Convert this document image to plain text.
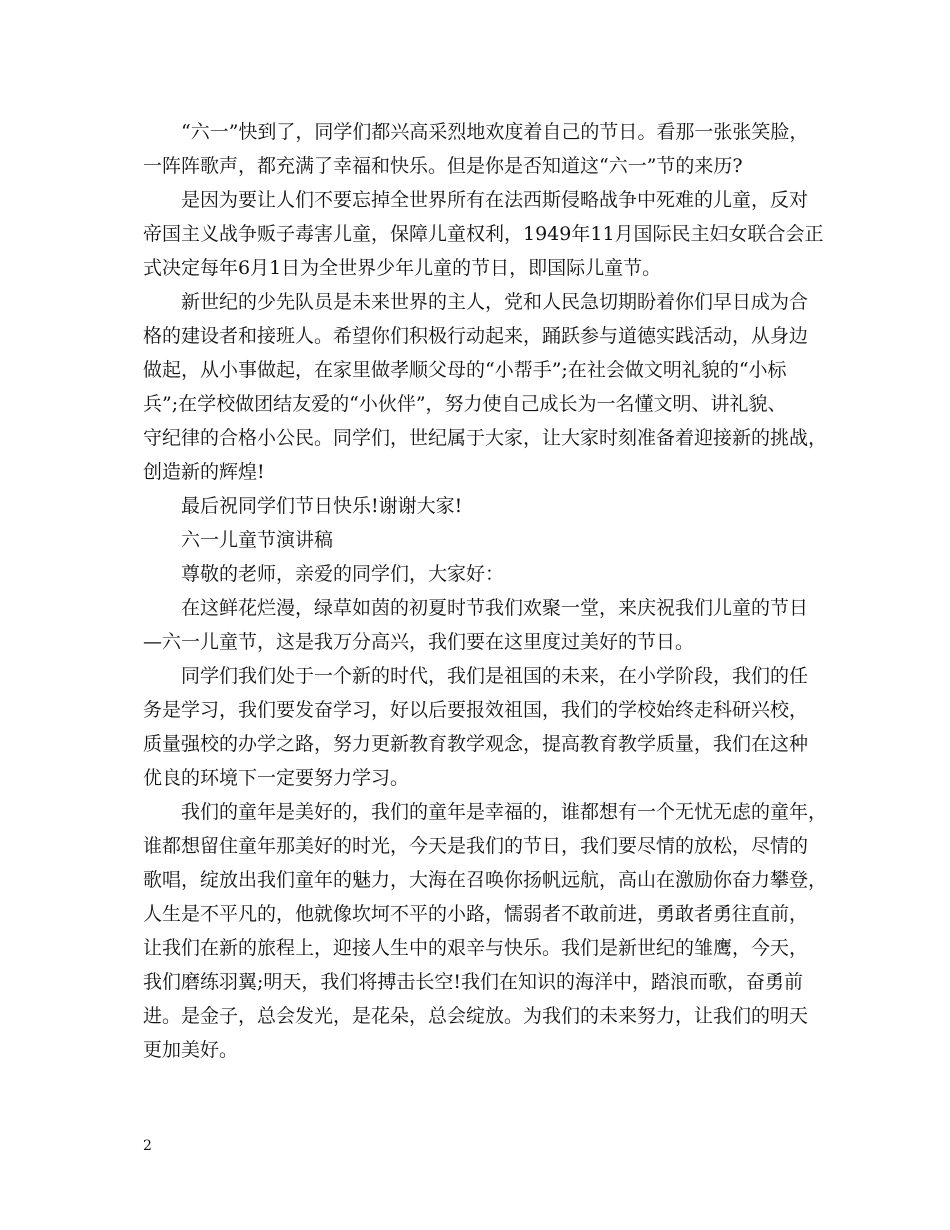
“六一”快到了，同学们都兴高采烈地欢度着自己的节日。看那一张张笑脸，
一阵阵歌声，都充满了幸福和快乐。但是你是否知道这“六一”节的来历?
是因为要让人们不要忘掉全世界所有在法西斯侵略战争中死难的儿童，反对
帝国主义战争贩子毒害儿童，保障儿童权利，1949年11月国际民主妇女联合会正
式决定每年6月1日为全世界少年儿童的节日，即国际儿童节。
新世纪的少先队员是未来世界的主人，党和人民急切期盼着你们早日成为合
格的建设者和接班人。希望你们积极行动起来，踊跃参与道德实践活动，从身边
做起，从小事做起，在家里做孝顺父母的“小帮手”;在社会做文明礼貌的“小标
兵”;在学校做团结友爱的“小伙伴”，努力使自己成长为一名懂文明、讲礼貌、
守纪律的合格小公民。同学们，世纪属于大家，让大家时刻准备着迎接新的挑战，
创造新的辉煌!
最后祝同学们节日快乐!谢谢大家!
六一儿童节演讲稿
尊敬的老师，亲爱的同学们，大家好：
在这鲜花烂漫，绿草如茵的初夏时节我们欢聚一堂，来庆祝我们儿童的节日
—六一儿童节，这是我万分高兴，我们要在这里度过美好的节日。
同学们我们处于一个新的时代，我们是祖国的未来，在小学阶段，我们的任
务是学习，我们要发奋学习，好以后要报效祖国，我们的学校始终走科研兴校，
质量强校的办学之路，努力更新教育教学观念，提高教育教学质量，我们在这种
优良的环境下一定要努力学习。
我们的童年是美好的，我们的童年是幸福的，谁都想有一个无忧无虑的童年，
谁都想留住童年那美好的时光，今天是我们的节日，我们要尽情的放松，尽情的
歌唱，绽放出我们童年的魅力，大海在召唤你扬帆远航，高山在激励你奋力攀登，
人生是不平凡的，他就像坎坷不平的小路，懦弱者不敢前进，勇敢者勇往直前，
让我们在新的旅程上，迎接人生中的艰辛与快乐。我们是新世纪的雏鹰，今天，
我们磨练羽翼;明天，我们将搏击长空!我们在知识的海洋中，踏浪而歌，奋勇前
进。是金子，总会发光，是花朵，总会绽放。为我们的未来努力，让我们的明天
更加美好。
2
